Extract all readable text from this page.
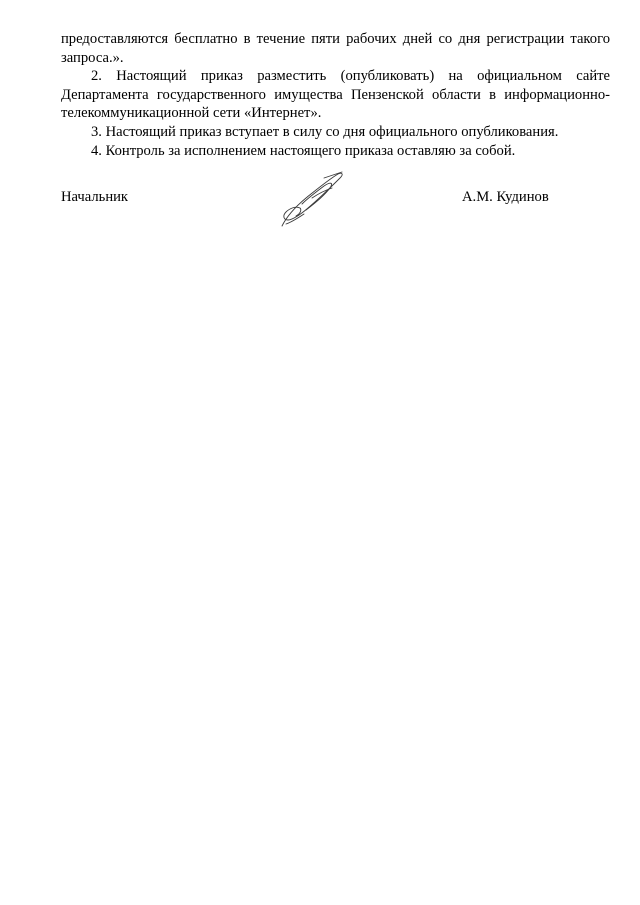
предоставляются бесплатно в течение пяти рабочих дней со дня регистрации такого запроса.».

2. Настоящий приказ разместить (опубликовать) на официальном сайте Департамента государственного имущества Пензенской области в информационно-телекоммуникационной сети «Интернет».

3. Настоящий приказ вступает в силу со дня официального опубликования.

4. Контроль за исполнением настоящего приказа оставляю за собой.

Начальник	А.М. Кудинов
